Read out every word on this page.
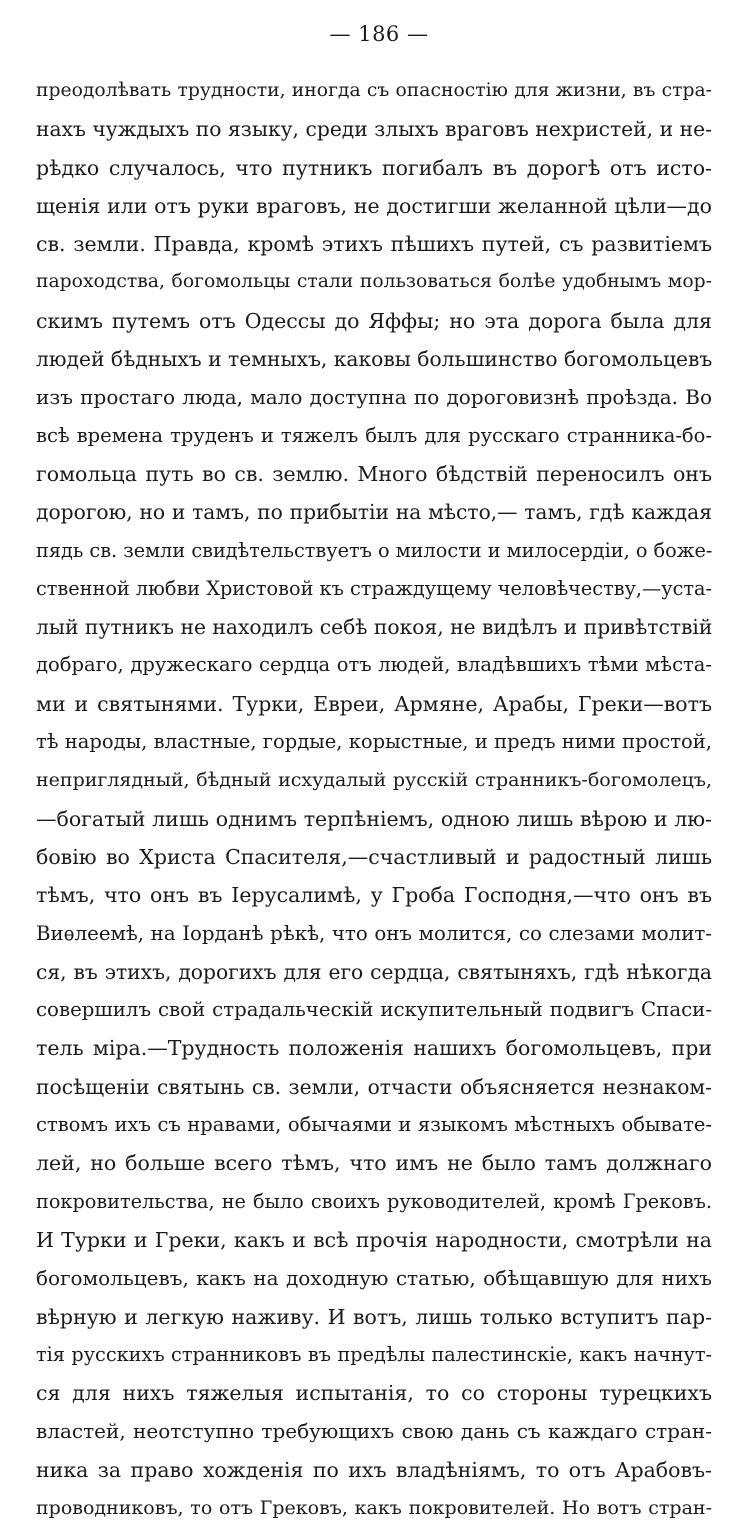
— 186 —
преодолѣвать трудности, иногда съ опасностію для жизни, въ стра-
нахъ чуждыхъ по языку, среди злыхъ враговъ нехристей, и не-
рѣдко случалось, что путникъ погибалъ въ дорогѣ отъ исто-
щенія или отъ руки враговъ, не достигши желанной цѣли—до
св. земли. Правда, кромѣ этихъ пѣшихъ путей, съ развитіемъ
пароходства, богомольцы стали пользоваться болѣе удобнымъ мор-
скимъ путемъ отъ Одессы до Яффы; но эта дорога была для
людей бѣдныхъ и темныхъ, каковы большинство богомольцевъ
изъ простаго люда, мало доступна по дороговизнѣ проѣзда. Во
всѣ времена труденъ и тяжелъ былъ для русскаго странника-бо-
гомольца путь во св. землю. Много бѣдствій переносилъ онъ
дорогою, но и тамъ, по прибытіи на мѣсто,— тамъ, гдѣ каждая
пядь св. земли свидѣтельствуетъ о милости и милосердіи, о боже-
ственной любви Христовой къ страждущему человѣчеству,—уста-
лый путникъ не находилъ себѣ покоя, не видѣлъ и привѣтствій
добраго, дружескаго сердца отъ людей, владѣвшихъ тѣми мѣста-
ми и святынями. Турки, Евреи, Армяне, Арабы, Греки—вотъ
тѣ народы, властные, гордые, корыстные, и предъ ними простой,
неприглядный, бѣдный исхудалый русскій странникъ-богомолецъ,
—богатый лишь однимъ терпѣніемъ, одною лишь вѣрою и лю-
бовію во Христа Спасителя,—счастливый и радостный лишь
тѣмъ, что онъ въ Іерусалимѣ, у Гроба Господня,—что онъ въ
Виѳлеемѣ, на Іорданѣ рѣкѣ, что онъ молится, со слезами молит-
ся, въ этихъ, дорогихъ для его сердца, святыняхъ, гдѣ нѣкогда
совершилъ свой страдальческій искупительный подвигъ Спаси-
тель міра.—Трудность положенія нашихъ богомольцевъ, при
посѣщеніи святынь св. земли, отчасти объясняется незнаком-
ствомъ ихъ съ нравами, обычаями и языкомъ мѣстныхъ обывате-
лей, но больше всего тѣмъ, что имъ не было тамъ должнаго
покровительства, не было своихъ руководителей, кромѣ Грековъ.
И Турки и Греки, какъ и всѣ прочія народности, смотрѣли на
богомольцевъ, какъ на доходную статью, обѣщавшую для нихъ
вѣрную и легкую наживу. И вотъ, лишь только вступитъ пар-
тія русскихъ странниковъ въ предѣлы палестинскіе, какъ начнут-
ся для нихъ тяжелыя испытанія, то со стороны турецкихъ
властей, неотступно требующихъ свою дань съ каждаго стран-
ника за право хожденія по ихъ владѣніямъ, то отъ Арабовъ-
проводниковъ, то отъ Грековъ, какъ покровителей. Но вотъ стран-
